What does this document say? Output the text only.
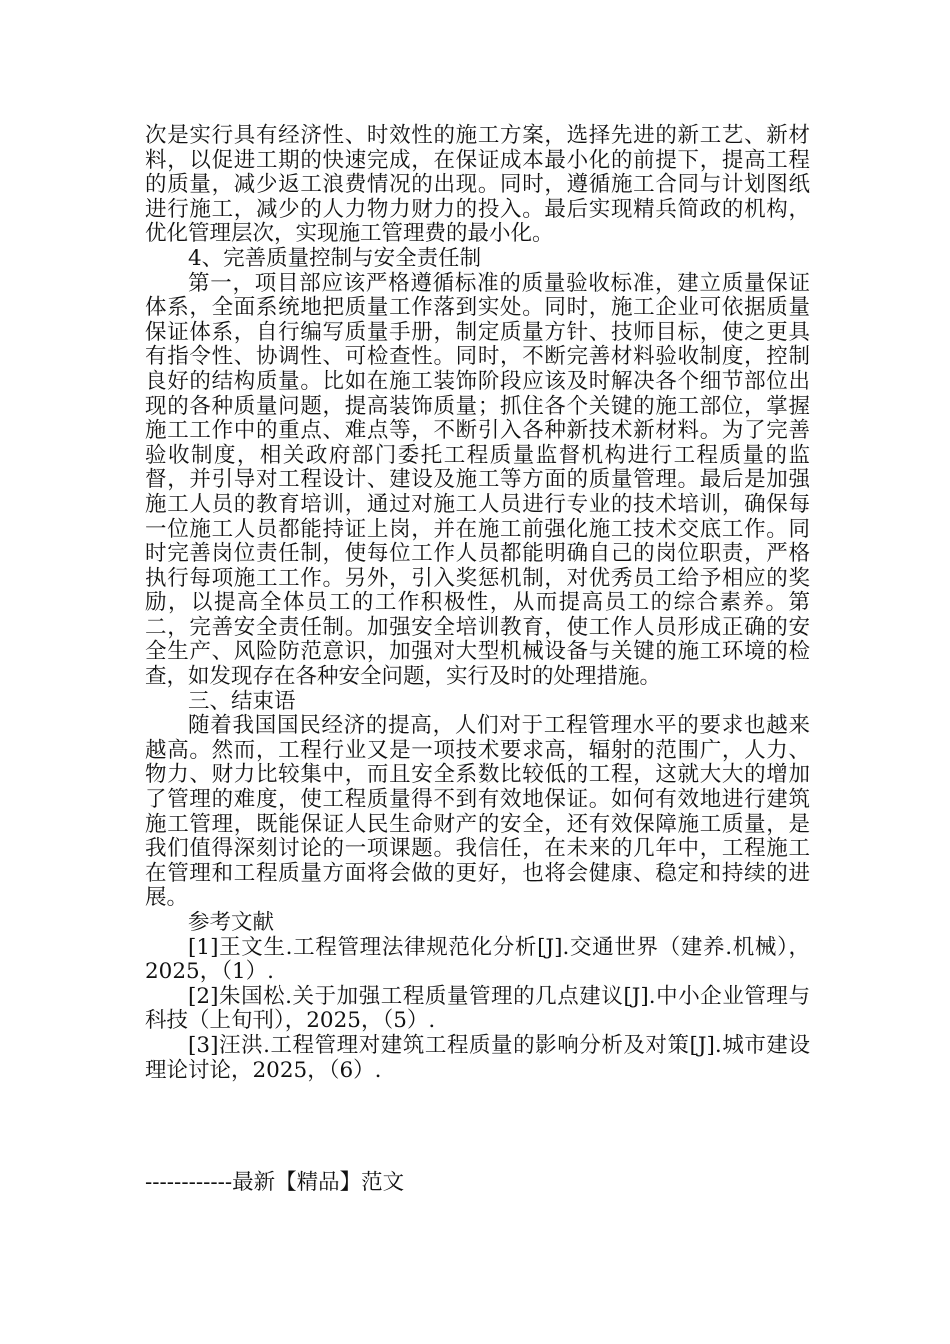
次是实行具有经济性、时效性的施工方案，选择先进的新工艺、新材料，以促进工期的快速完成，在保证成本最小化的前提下，提高工程的质量，减少返工浪费情况的出现。同时，遵循施工合同与计划图纸进行施工，减少的人力物力财力的投入。最后实现精兵简政的机构，优化管理层次，实现施工管理费的最小化。

4、完善质量控制与安全责任制

第一，项目部应该严格遵循标准的质量验收标准，建立质量保证体系，全面系统地把质量工作落到实处。同时，施工企业可依据质量保证体系，自行编写质量手册，制定质量方针、技师目标，使之更具有指令性、协调性、可检查性。同时，不断完善材料验收制度，控制良好的结构质量。比如在施工装饰阶段应该及时解决各个细节部位出现的各种质量问题，提高装饰质量；抓住各个关键的施工部位，掌握施工工作中的重点、难点等，不断引入各种新技术新材料。为了完善验收制度，相关政府部门委托工程质量监督机构进行工程质量的监督，并引导对工程设计、建设及施工等方面的质量管理。最后是加强施工人员的教育培训，通过对施工人员进行专业的技术培训，确保每一位施工人员都能持证上岗，并在施工前强化施工技术交底工作。同时完善岗位责任制，使每位工作人员都能明确自己的岗位职责，严格执行每项施工工作。另外，引入奖惩机制，对优秀员工给予相应的奖励，以提高全体员工的工作积极性，从而提高员工的综合素养。第二，完善安全责任制。加强安全培训教育，使工作人员形成正确的安全生产、风险防范意识，加强对大型机械设备与关键的施工环境的检查，如发现存在各种安全问题，实行及时的处理措施。

三、结束语

随着我国国民经济的提高，人们对于工程管理水平的要求也越来越高。然而，工程行业又是一项技术要求高，辐射的范围广，人力、物力、财力比较集中，而且安全系数比较低的工程，这就大大的增加了管理的难度，使工程质量得不到有效地保证。如何有效地进行建筑施工管理，既能保证人民生命财产的安全，还有效保障施工质量，是我们值得深刻讨论的一项课题。我信任，在未来的几年中，工程施工在管理和工程质量方面将会做的更好，也将会健康、稳定和持续的进展。

参考文献

[1]王文生.工程管理法律规范化分析[J].交通世界（建养.机械），2025，（1）.

[2]朱国松.关于加强工程质量管理的几点建议[J].中小企业管理与科技（上旬刊），2025，（5）.

[3]汪洪.工程管理对建筑工程质量的影响分析及对策[J].城市建设理论讨论，2025，（6）.

------------最新【精品】范文
